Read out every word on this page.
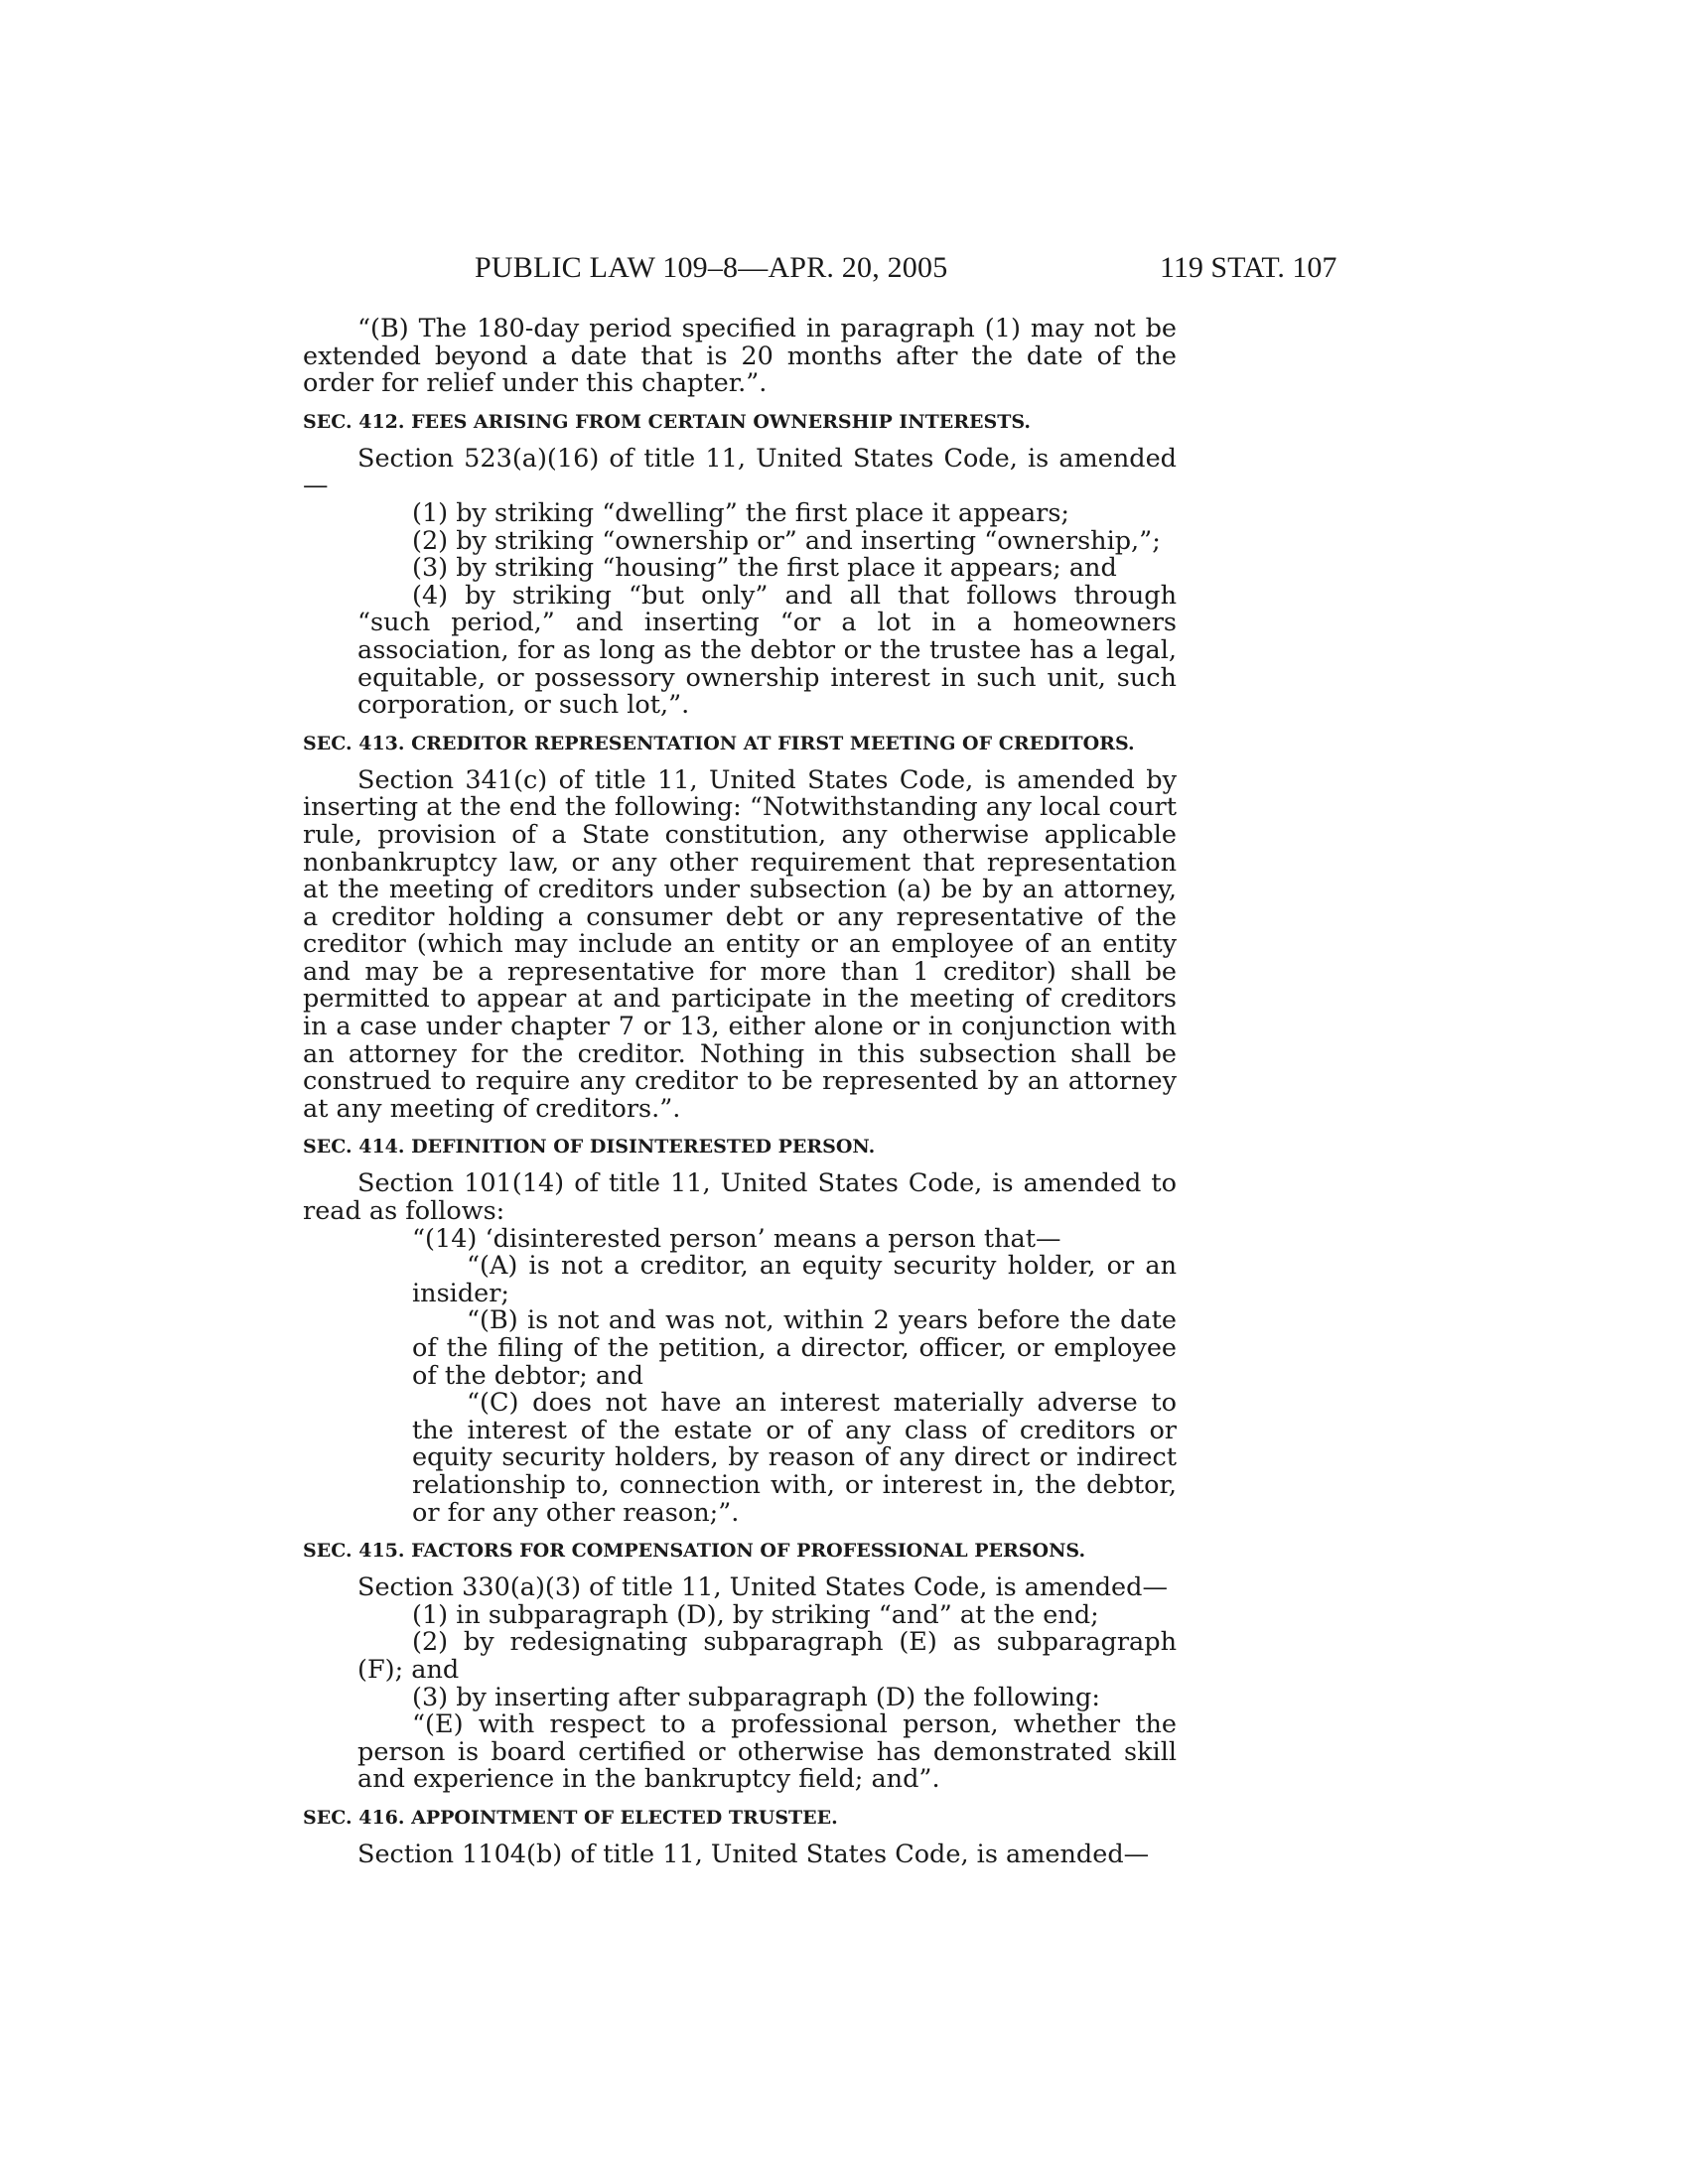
PUBLIC LAW 109–8—APR. 20, 2005	119 STAT. 107

“(B) The 180-day period specified in paragraph (1) may not be extended beyond a date that is 20 months after the date of the order for relief under this chapter.”.

SEC. 412. FEES ARISING FROM CERTAIN OWNERSHIP INTERESTS.

Section 523(a)(16) of title 11, United States Code, is amended—

(1) by striking “dwelling” the first place it appears;

(2) by striking “ownership or” and inserting “ownership,”;

(3) by striking “housing” the first place it appears; and

(4) by striking “but only” and all that follows through “such period,” and inserting “or a lot in a homeowners association, for as long as the debtor or the trustee has a legal, equitable, or possessory ownership interest in such unit, such corporation, or such lot,”.

SEC. 413. CREDITOR REPRESENTATION AT FIRST MEETING OF CREDITORS.

Section 341(c) of title 11, United States Code, is amended by inserting at the end the following: “Notwithstanding any local court rule, provision of a State constitution, any otherwise applicable nonbankruptcy law, or any other requirement that representation at the meeting of creditors under subsection (a) be by an attorney, a creditor holding a consumer debt or any representative of the creditor (which may include an entity or an employee of an entity and may be a representative for more than 1 creditor) shall be permitted to appear at and participate in the meeting of creditors in a case under chapter 7 or 13, either alone or in conjunction with an attorney for the creditor. Nothing in this subsection shall be construed to require any creditor to be represented by an attorney at any meeting of creditors.”.

SEC. 414. DEFINITION OF DISINTERESTED PERSON.

Section 101(14) of title 11, United States Code, is amended to read as follows:

“(14) ‘disinterested person’ means a person that—

“(A) is not a creditor, an equity security holder, or an insider;

“(B) is not and was not, within 2 years before the date of the filing of the petition, a director, officer, or employee of the debtor; and

“(C) does not have an interest materially adverse to the interest of the estate or of any class of creditors or equity security holders, by reason of any direct or indirect relationship to, connection with, or interest in, the debtor, or for any other reason;”.

SEC. 415. FACTORS FOR COMPENSATION OF PROFESSIONAL PERSONS.

Section 330(a)(3) of title 11, United States Code, is amended—

(1) in subparagraph (D), by striking “and” at the end;

(2) by redesignating subparagraph (E) as subparagraph (F); and

(3) by inserting after subparagraph (D) the following:

“(E) with respect to a professional person, whether the person is board certified or otherwise has demonstrated skill and experience in the bankruptcy field; and”.

SEC. 416. APPOINTMENT OF ELECTED TRUSTEE.

Section 1104(b) of title 11, United States Code, is amended—
